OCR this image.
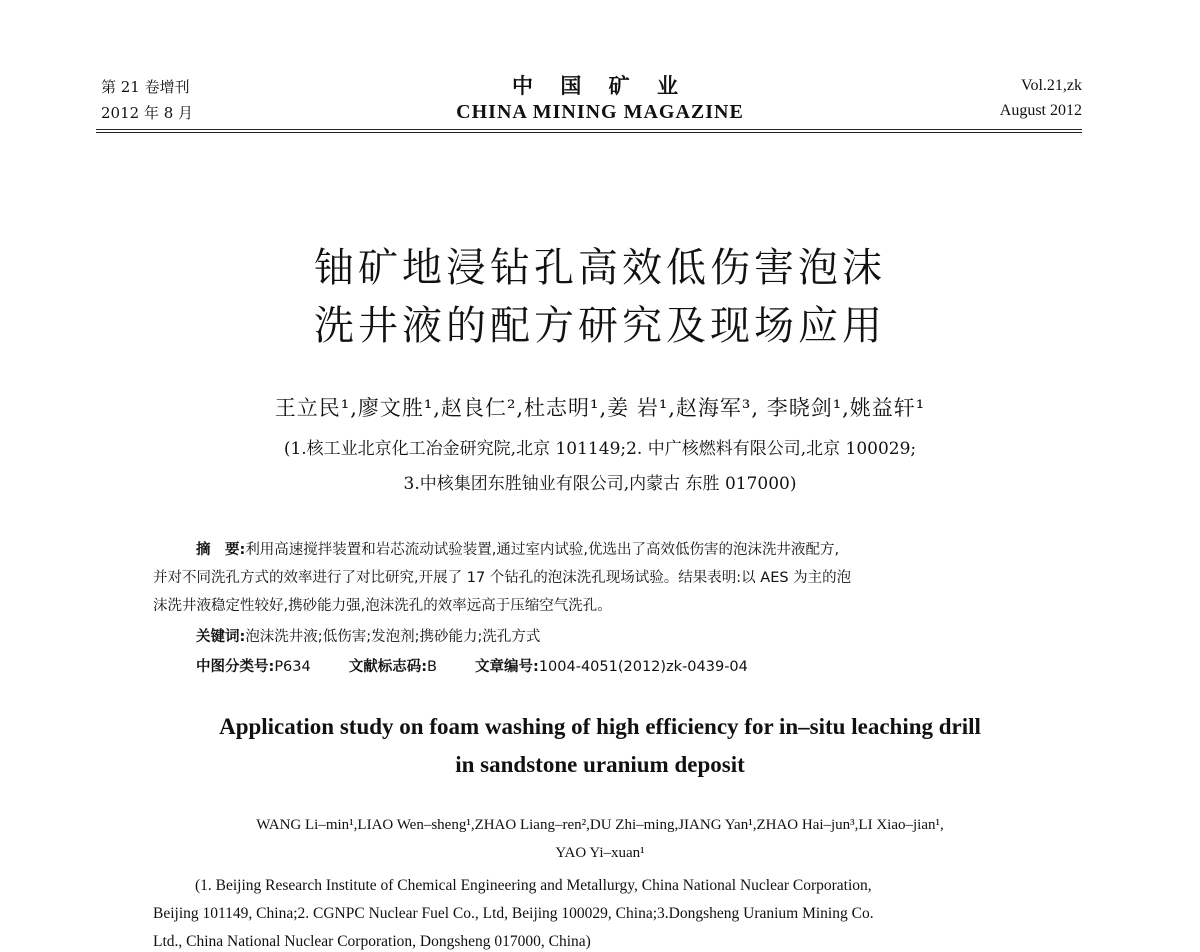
第 21 卷增刊
2012 年 8 月
中 国 矿 业
CHINA MINING MAGAZINE
Vol.21,zk
August 2012
铀矿地浸钻孔高效低伤害泡沫
洗井液的配方研究及现场应用
王立民¹,廖文胜¹,赵良仁²,杜志明¹,姜 岩¹,赵海军³, 李晓剑¹,姚益轩¹
(1.核工业北京化工冶金研究院,北京 101149;2. 中广核燃料有限公司,北京 100029;
3.中核集团东胜铀业有限公司,内蒙古 东胜 017000)
摘　要:利用高速搅拌装置和岩芯流动试验装置,通过室内试验,优选出了高效低伤害的泡沫洗井液配方,
并对不同洗孔方式的效率进行了对比研究,开展了 17 个钻孔的泡沫洗孔现场试验。结果表明:以 AES 为主的泡
沫洗井液稳定性较好,携砂能力强,泡沫洗孔的效率远高于压缩空气洗孔。
关键词:泡沫洗井液;低伤害;发泡剂;携砂能力;洗孔方式
中图分类号:P634	文献标志码:B	文章编号:1004-4051(2012)zk-0439-04
Application study on foam washing of high efficiency for in–situ leaching drill
in sandstone uranium deposit
WANG Li–min¹,LIAO Wen–sheng¹,ZHAO Liang–ren²,DU Zhi–ming,JIANG Yan¹,ZHAO Hai–jun³,LI Xiao–jian¹,
YAO Yi–xuan¹
(1. Beijing Research Institute of Chemical Engineering and Metallurgy, China National Nuclear Corporation,
Beijing 101149, China;2. CGNPC Nuclear Fuel Co., Ltd, Beijing 100029, China;3.Dongsheng Uranium Mining Co.
Ltd., China National Nuclear Corporation, Dongsheng 017000, China)
